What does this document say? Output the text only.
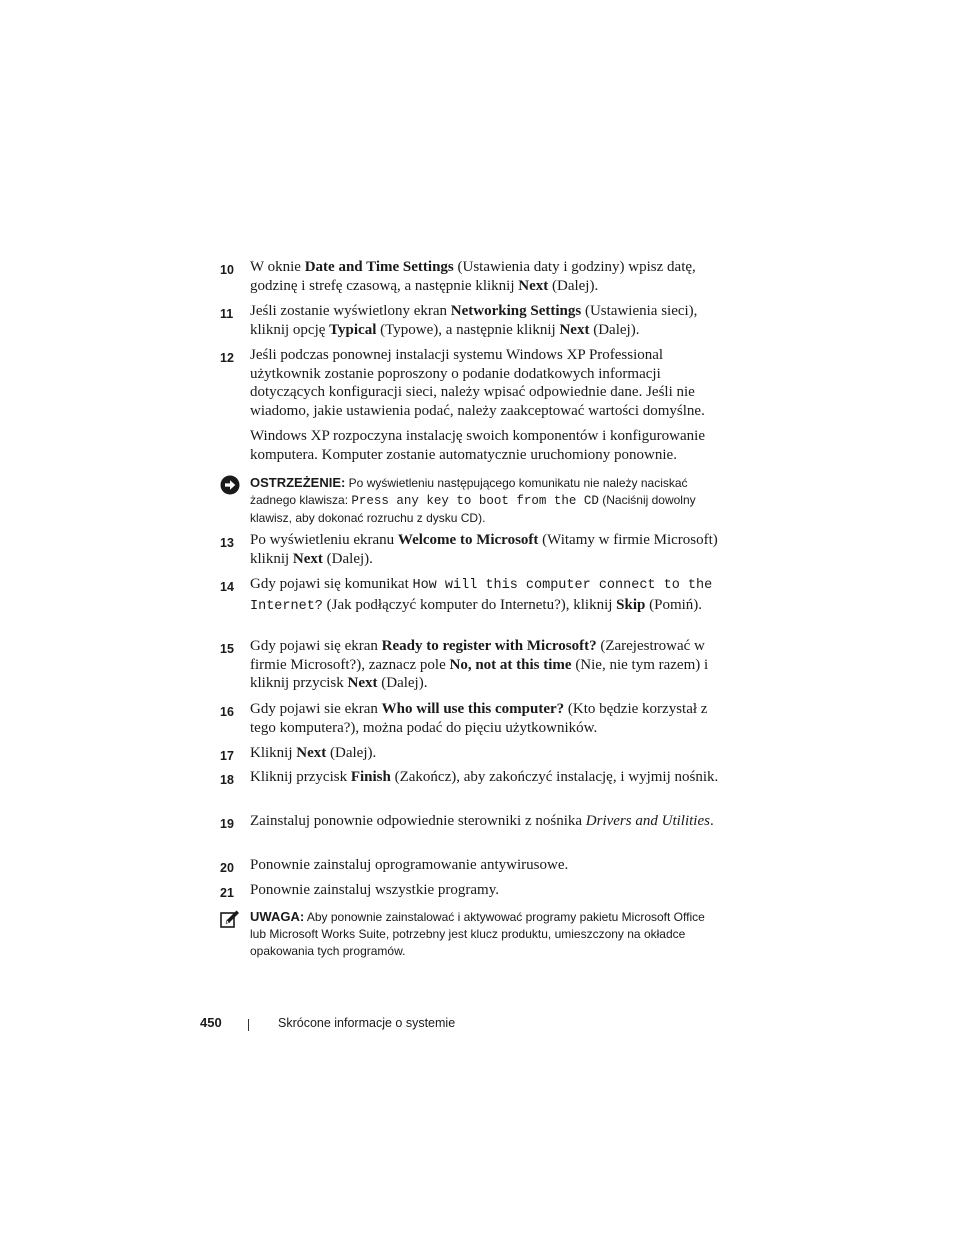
10	W oknie Date and Time Settings (Ustawienia daty i godziny) wpisz datę, godzinę i strefę czasową, a następnie kliknij Next (Dalej).
11	Jeśli zostanie wyświetlony ekran Networking Settings (Ustawienia sieci), kliknij opcję Typical (Typowe), a następnie kliknij Next (Dalej).
12	Jeśli podczas ponownej instalacji systemu Windows XP Professional użytkownik zostanie poproszony o podanie dodatkowych informacji dotyczących konfiguracji sieci, należy wpisać odpowiednie dane. Jeśli nie wiadomo, jakie ustawienia podać, należy zaakceptować wartości domyślne.
Windows XP rozpoczyna instalację swoich komponentów i konfigurowanie komputera. Komputer zostanie automatycznie uruchomiony ponownie.
OSTRZEŻENIE: Po wyświetleniu następującego komunikatu nie należy naciskać żadnego klawisza: Press any key to boot from the CD (Naciśnij dowolny klawisz, aby dokonać rozruchu z dysku CD).
13	Po wyświetleniu ekranu Welcome to Microsoft (Witamy w firmie Microsoft) kliknij Next (Dalej).
14	Gdy pojawi się komunikat How will this computer connect to the Internet? (Jak podłączyć komputer do Internetu?), kliknij Skip (Pomiń).
15	Gdy pojawi się ekran Ready to register with Microsoft? (Zarejestrować w firmie Microsoft?), zaznacz pole No, not at this time (Nie, nie tym razem) i kliknij przycisk Next (Dalej).
16	Gdy pojawi sie ekran Who will use this computer? (Kto będzie korzystał z tego komputera?), można podać do pięciu użytkowników.
17	Kliknij Next (Dalej).
18	Kliknij przycisk Finish (Zakończ), aby zakończyć instalację, i wyjmij nośnik.
19	Zainstaluj ponownie odpowiednie sterowniki z nośnika Drivers and Utilities.
20	Ponownie zainstaluj oprogramowanie antywirusowe.
21	Ponownie zainstaluj wszystkie programy.
UWAGA: Aby ponownie zainstalować i aktywować programy pakietu Microsoft Office lub Microsoft Works Suite, potrzebny jest klucz produktu, umieszczony na okładce opakowania tych programów.
450	Skrócone informacje o systemie
